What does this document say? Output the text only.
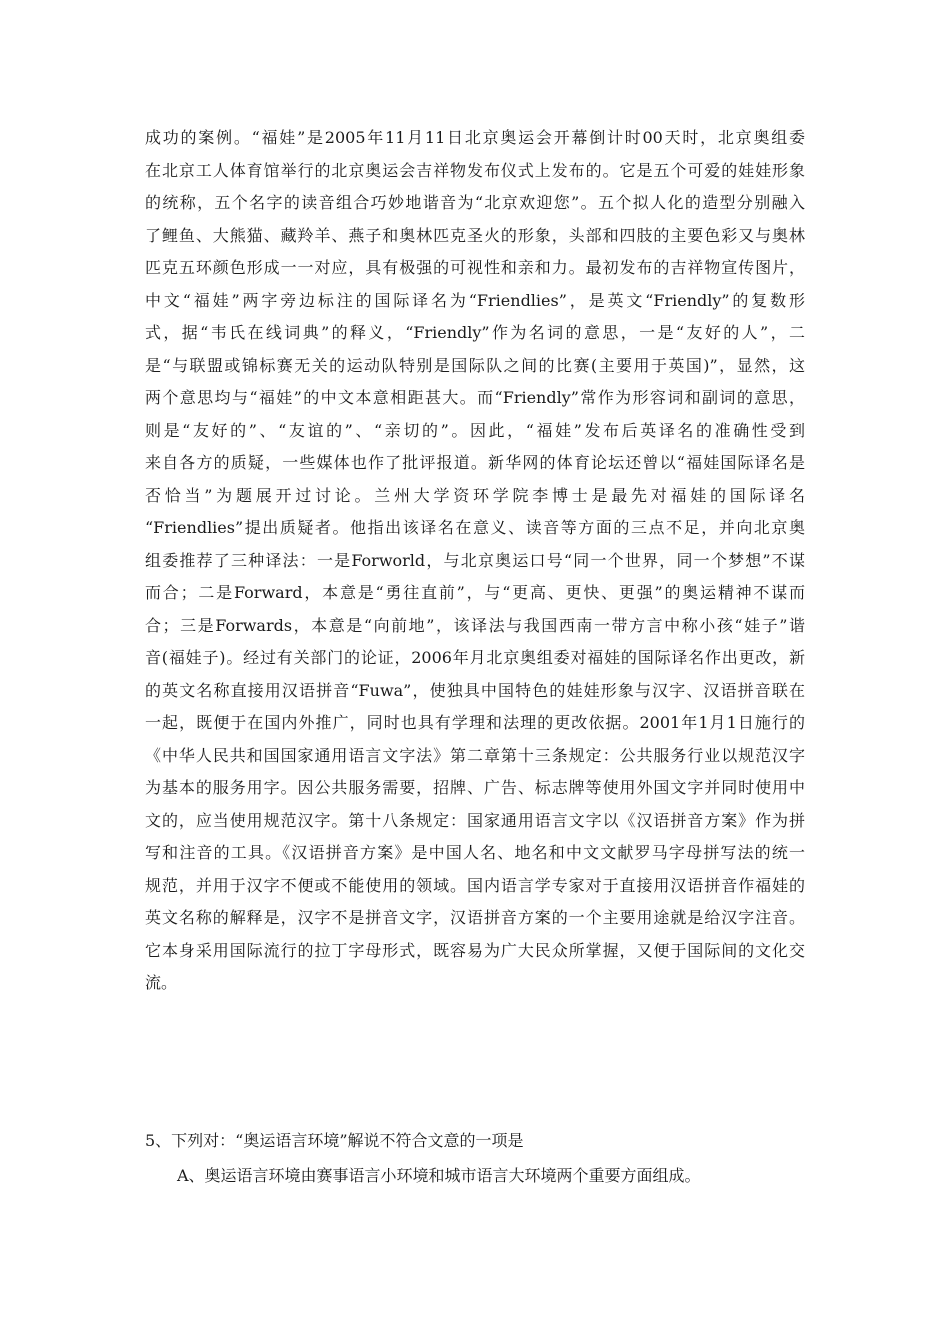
成功的案例。“福娃”是2005年11月11日北京奥运会开幕倒计时00天时，北京奥组委
在北京工人体育馆举行的北京奥运会吉祥物发布仪式上发布的。它是五个可爱的娃娃形象
的统称，五个名字的读音组合巧妙地谐音为“北京欢迎您”。五个拟人化的造型分别融入
了鲤鱼、大熊猫、藏羚羊、燕子和奥林匹克圣火的形象，头部和四肢的主要色彩又与奥林
匹克五环颜色形成一一对应，具有极强的可视性和亲和力。最初发布的吉祥物宣传图片，
中文“福娃”两字旁边标注的国际译名为“Friendlies”，是英文“Friendly”的复数形
式，据“韦氏在线词典”的释义，“Friendly”作为名词的意思，一是“友好的人”，二
是“与联盟或锦标赛无关的运动队特别是国际队之间的比赛(主要用于英国)”，显然，这
两个意思均与“福娃”的中文本意相距甚大。而“Friendly”常作为形容词和副词的意思，
则是“友好的”、“友谊的”、“亲切的”。因此，“福娃”发布后英译名的准确性受到
来自各方的质疑，一些媒体也作了批评报道。新华网的体育论坛还曾以“福娃国际译名是
否恰当”为题展开过讨论。兰州大学资环学院李博士是最先对福娃的国际译名
“Friendlies”提出质疑者。他指出该译名在意义、读音等方面的三点不足，并向北京奥
组委推荐了三种译法：一是Forworld，与北京奥运口号“同一个世界，同一个梦想”不谋
而合；二是Forward，本意是“勇往直前”，与“更高、更快、更强”的奥运精神不谋而
合；三是Forwards，本意是“向前地”，该译法与我国西南一带方言中称小孩“娃子”谐
音(福娃子)。经过有关部门的论证，2006年月北京奥组委对福娃的国际译名作出更改，新
的英文名称直接用汉语拼音“Fuwa”，使独具中国特色的娃娃形象与汉字、汉语拼音联在
一起，既便于在国内外推广，同时也具有学理和法理的更改依据。2001年1月1日施行的
《中华人民共和国国家通用语言文字法》第二章第十三条规定：公共服务行业以规范汉字
为基本的服务用字。因公共服务需要，招牌、广告、标志牌等使用外国文字并同时使用中
文的，应当使用规范汉字。第十八条规定：国家通用语言文字以《汉语拼音方案》作为拼
写和注音的工具。《汉语拼音方案》是中国人名、地名和中文文献罗马字母拼写法的统一
规范，并用于汉字不便或不能使用的领域。国内语言学专家对于直接用汉语拼音作福娃的
英文名称的解释是，汉字不是拼音文字，汉语拼音方案的一个主要用途就是给汉字注音。
它本身采用国际流行的拉丁字母形式，既容易为广大民众所掌握，又便于国际间的文化交
流。
5、下列对：“奥运语言环境”解说不符合文意的一项是
A、奥运语言环境由赛事语言小环境和城市语言大环境两个重要方面组成。
